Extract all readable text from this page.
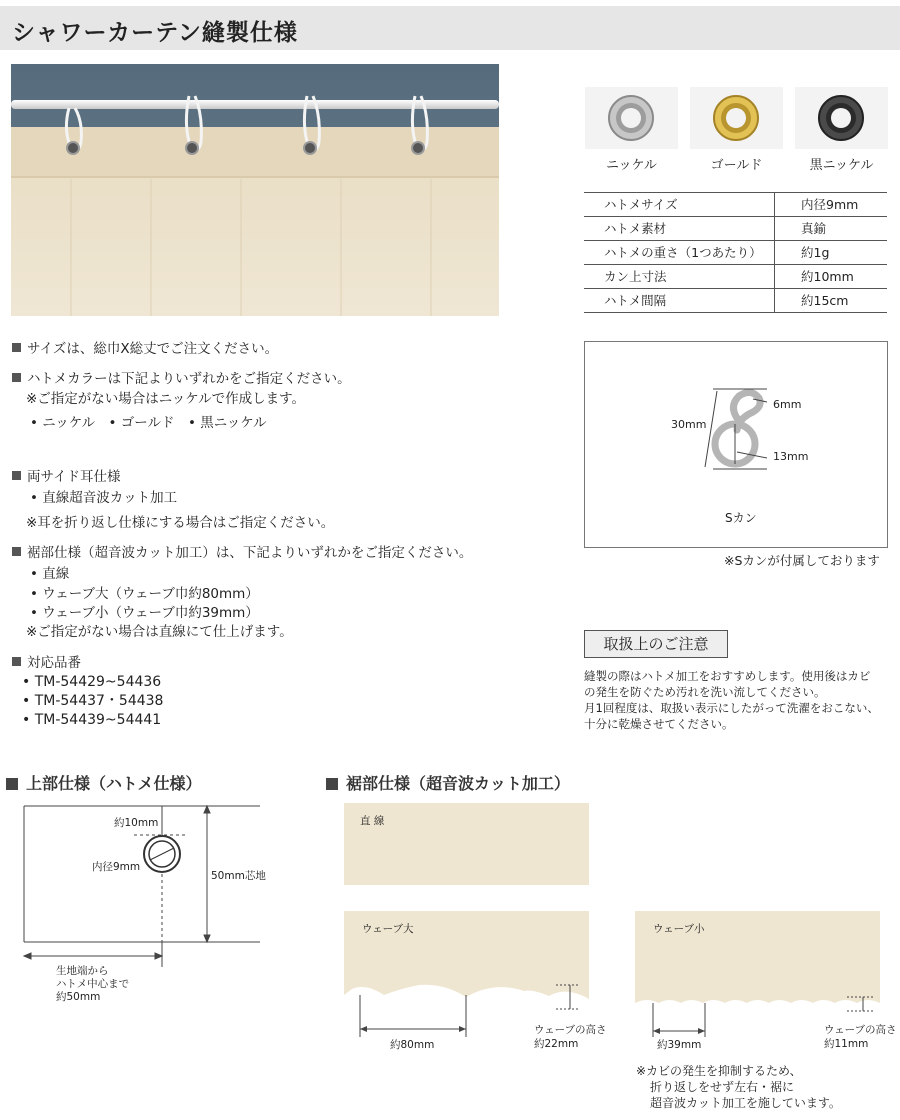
シャワーカーテン縫製仕様
ニッケル	ゴールド	黒ニッケル
ハトメサイズ	内径9mm
ハトメ素材	真鍮
ハトメの重さ（1つあたり）	約1g
カン上寸法	約10mm
ハトメ間隔	約15cm
30mm
6mm
13mm
Sカン
※Sカンが付属しております
サイズは、総巾X総丈でご注文ください。
ハトメカラーは下記よりいずれかをご指定ください。
※ご指定がない場合はニッケルで作成します。
• ニッケル　• ゴールド　• 黒ニッケル
両サイド耳仕様
• 直線超音波カット加工
※耳を折り返し仕様にする場合はご指定ください。
裾部仕様（超音波カット加工）は、下記よりいずれかをご指定ください。
• 直線
• ウェーブ大（ウェーブ巾約80mm）
• ウェーブ小（ウェーブ巾約39mm）
※ご指定がない場合は直線にて仕上げます。
対応品番
• TM-54429~54436
• TM-54437・54438
• TM-54439~54441
取扱上のご注意
縫製の際はハトメ加工をおすすめします。使用後はカビ
の発生を防ぐため汚れを洗い流してください。
月1回程度は、取扱い表示にしたがって洗濯をおこない、
十分に乾燥させてください。
上部仕様（ハトメ仕様）
約10mm
内径9mm
50mm芯地
生地端から
ハトメ中心まで
約50mm
裾部仕様（超音波カット加工）
直 線
ウェーブ大
約80mm
ウェーブの高さ
約22mm
ウェーブ小
約39mm
ウェーブの高さ
約11mm
※カビの発生を抑制するため、
折り返しをせず左右・裾に
超音波カット加工を施しています。
